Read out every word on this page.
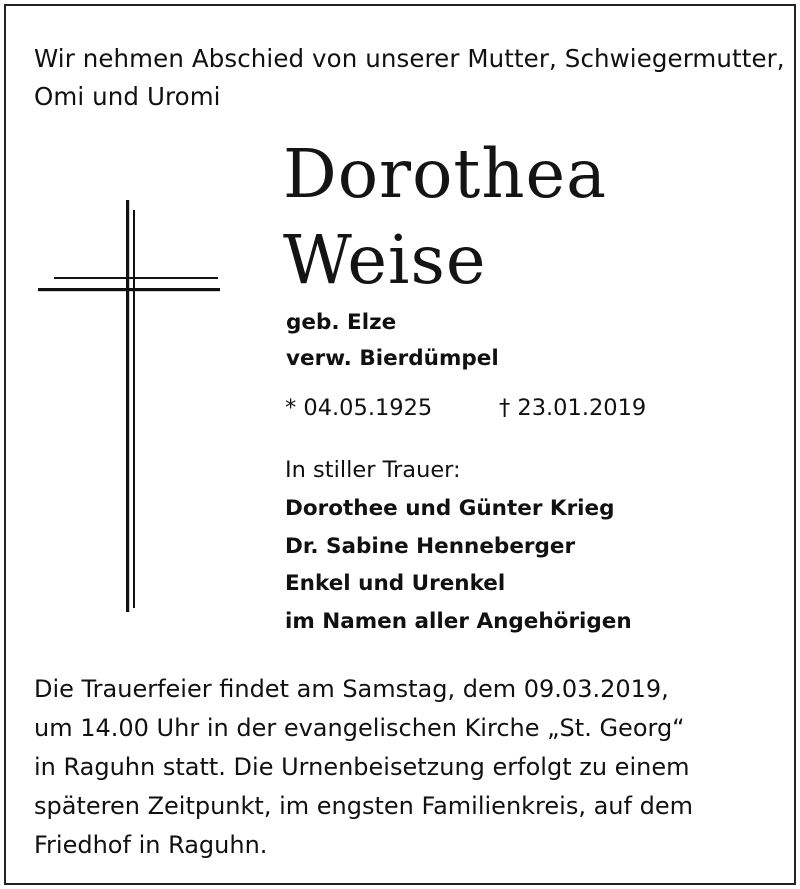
Wir nehmen Abschied von unserer Mutter, Schwiegermutter,
Omi und Uromi
Dorothea
Weise
geb. Elze
verw. Bierdümpel
* 04.05.1925	† 23.01.2019
In stiller Trauer:
Dorothee und Günter Krieg
Dr. Sabine Henneberger
Enkel und Urenkel
im Namen aller Angehörigen
Die Trauerfeier findet am Samstag, dem 09.03.2019,
um 14.00 Uhr in der evangelischen Kirche „St. Georg“
in Raguhn statt. Die Urnenbeisetzung erfolgt zu einem
späteren Zeitpunkt, im engsten Familienkreis, auf dem
Friedhof in Raguhn.
